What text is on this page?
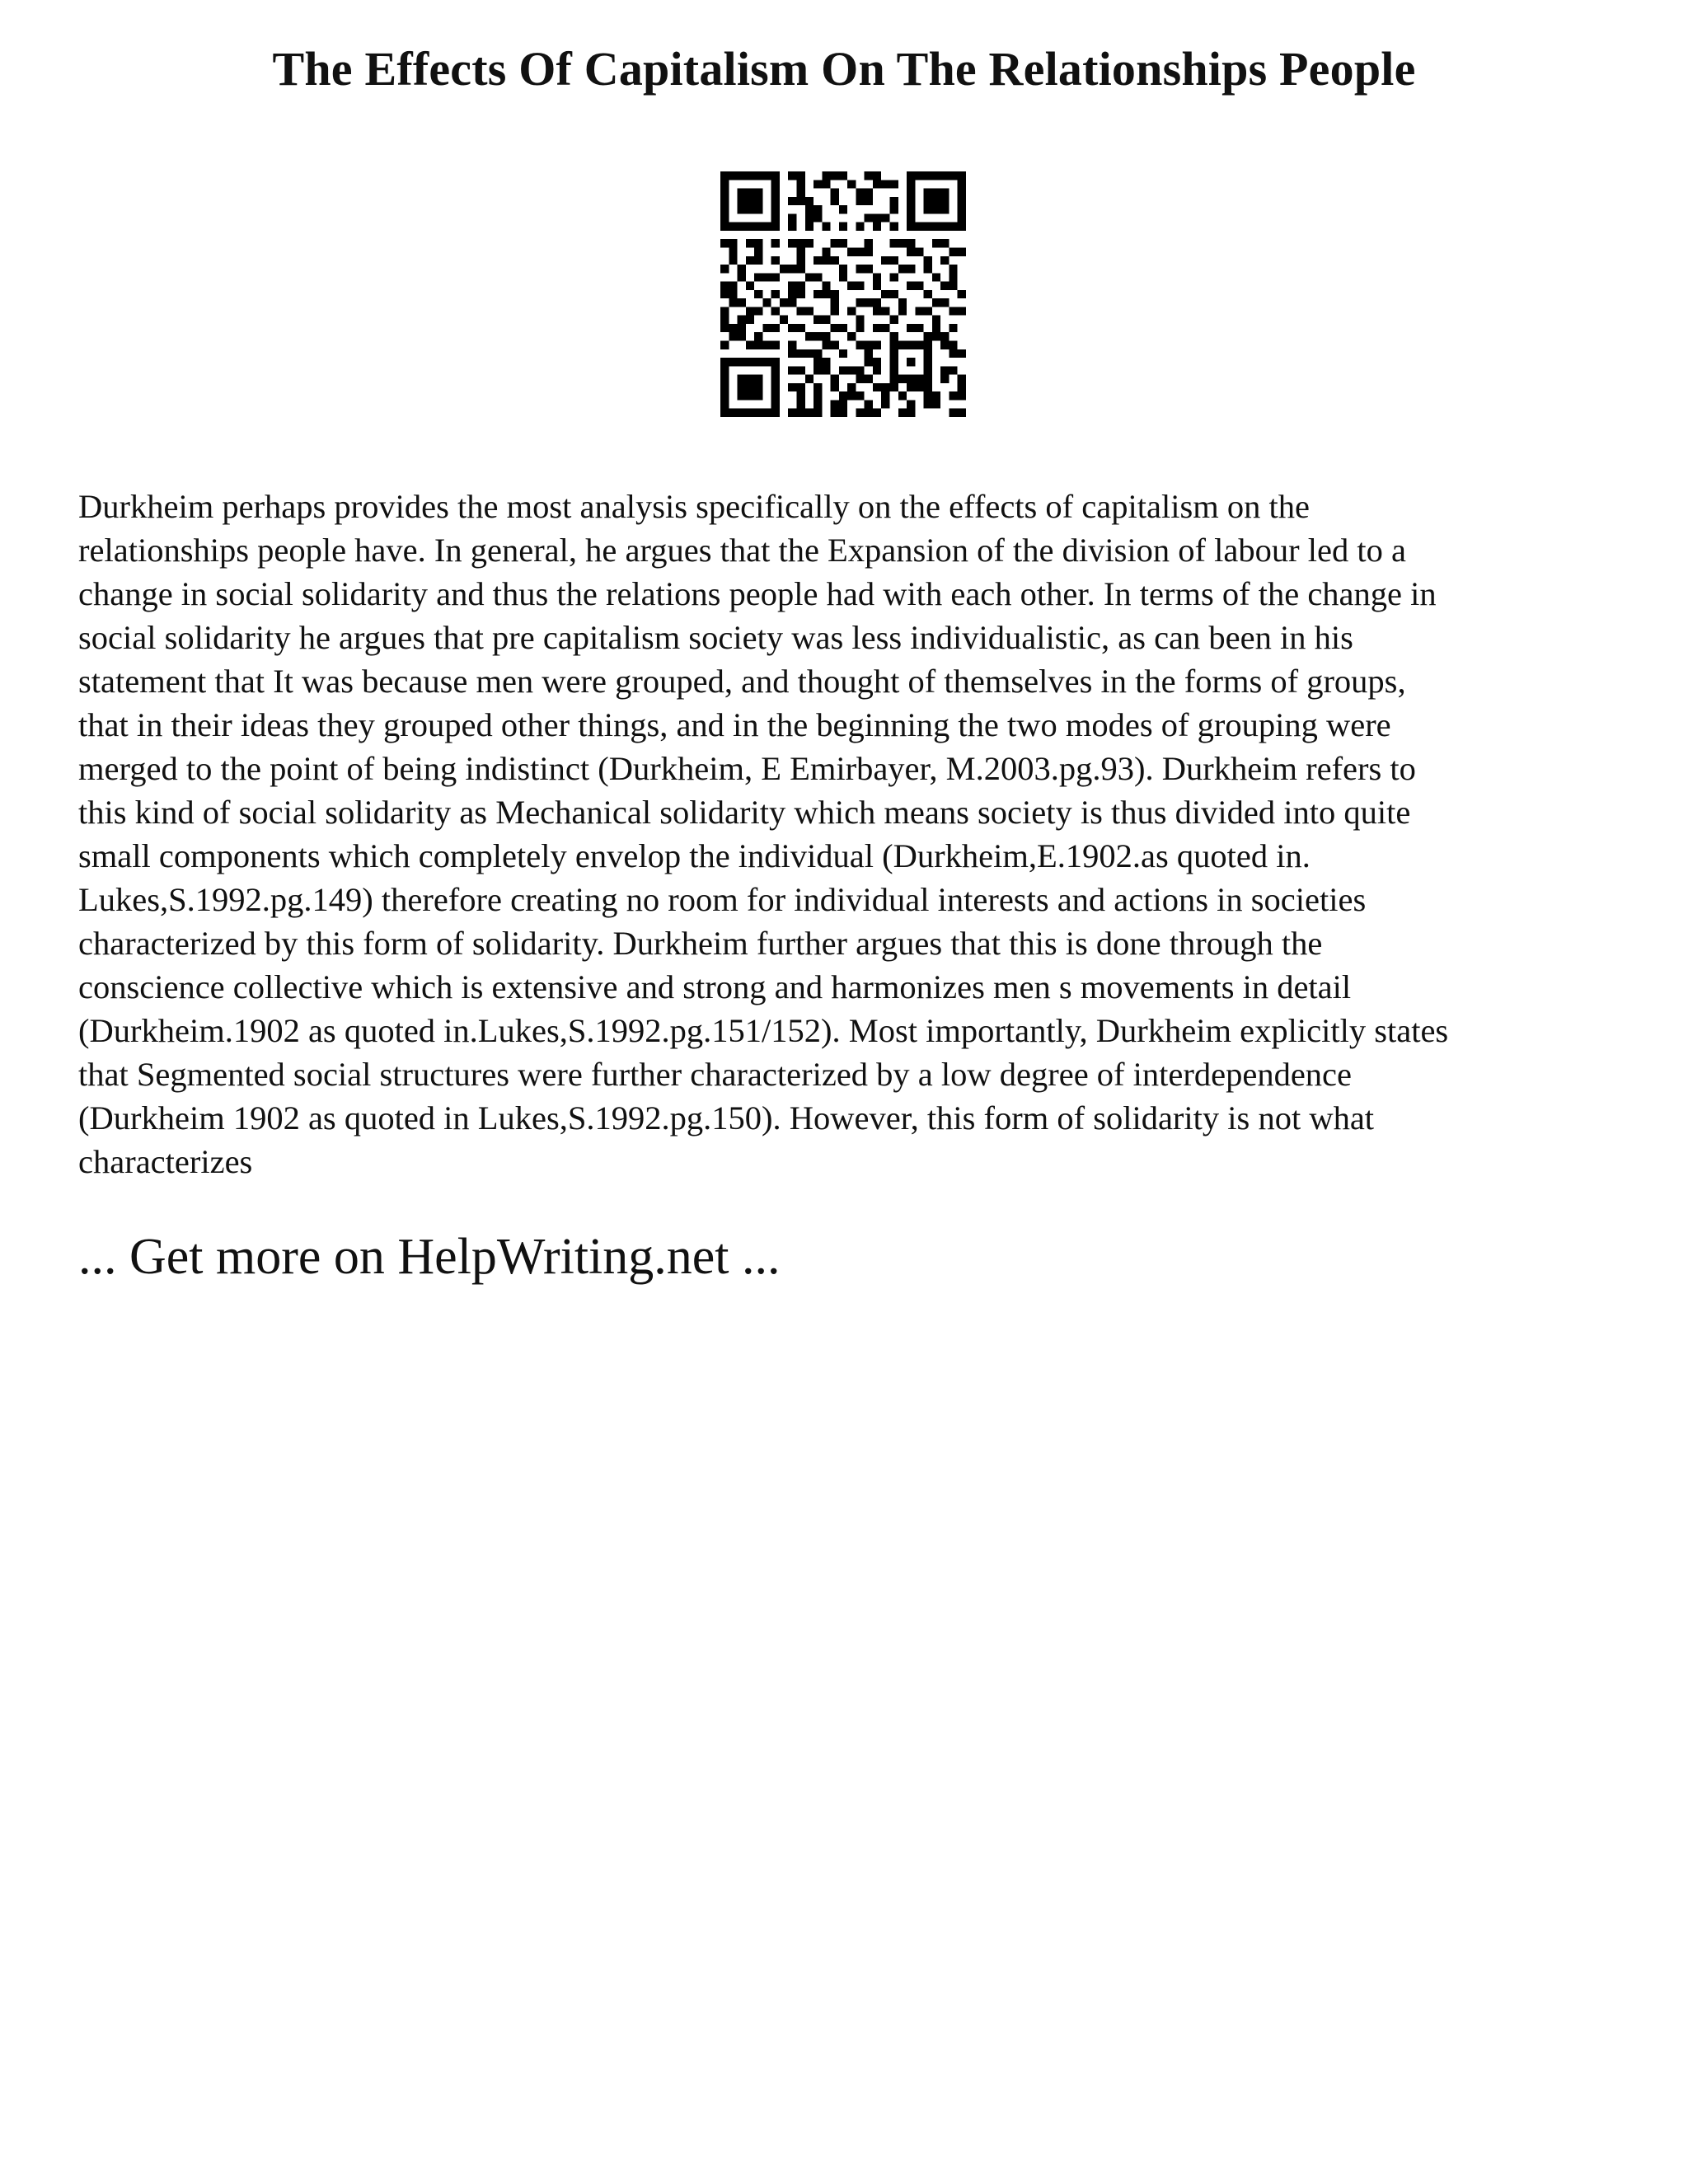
The Effects Of Capitalism On The Relationships People

Durkheim perhaps provides the most analysis specifically on the effects of capitalism on the
relationships people have. In general, he argues that the Expansion of the division of labour led to a
change in social solidarity and thus the relations people had with each other. In terms of the change in
social solidarity he argues that pre capitalism society was less individualistic, as can been in his
statement that It was because men were grouped, and thought of themselves in the forms of groups,
that in their ideas they grouped other things, and in the beginning the two modes of grouping were
merged to the point of being indistinct (Durkheim, E Emirbayer, M.2003.pg.93). Durkheim refers to
this kind of social solidarity as Mechanical solidarity which means society is thus divided into quite
small components which completely envelop the individual (Durkheim,E.1902.as quoted in.
Lukes,S.1992.pg.149) therefore creating no room for individual interests and actions in societies
characterized by this form of solidarity. Durkheim further argues that this is done through the
conscience collective which is extensive and strong and harmonizes men s movements in detail
(Durkheim.1902 as quoted in.Lukes,S.1992.pg.151/152). Most importantly, Durkheim explicitly states
that Segmented social structures were further characterized by a low degree of interdependence
(Durkheim 1902 as quoted in Lukes,S.1992.pg.150). However, this form of solidarity is not what
characterizes

... Get more on HelpWriting.net ...
